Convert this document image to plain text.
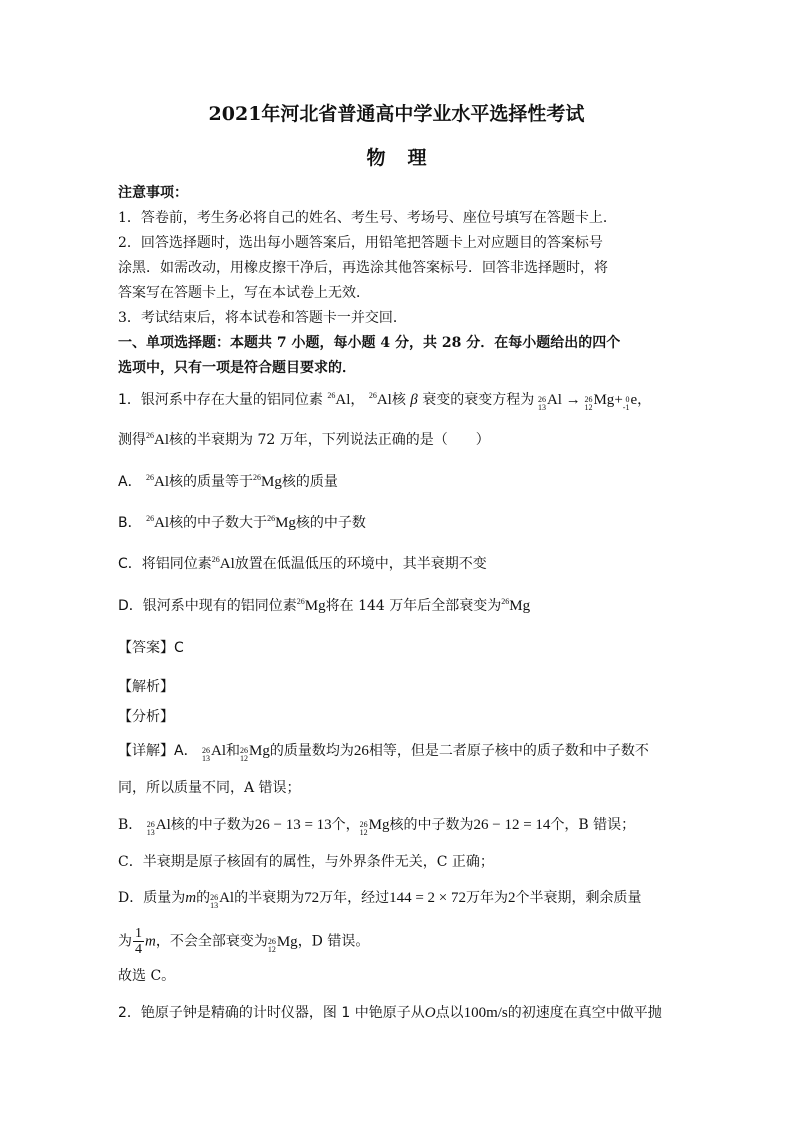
2021年河北省普通高中学业水平选择性考试
物理
注意事项：
1．答卷前，考生务必将自己的姓名、考生号、考场号、座位号填写在答题卡上．
2．回答选择题时，选出每小题答案后，用铅笔把答题卡上对应题目的答案标号
涂黑．如需改动，用橡皮擦干净后，再选涂其他答案标号．回答非选择题时，将
答案写在答题卡上，写在本试卷上无效．
3．考试结束后，将本试卷和答题卡一并交回．
一、单项选择题：本题共 7 小题，每小题 4 分，共 28 分．在每小题给出的四个
选项中，只有一项是符合题目要求的．
1．银河系中存在大量的铝同位素 $^{26}$Al， $^{26}$Al核 β 衰变的衰变方程为 26
13 Al → 26
12 Mg+ 0
-1 e，
测得$^{26}$Al核的半衰期为 72 万年，下列说法正确的是（　　）
A． $^{26}$Al核的质量等于$^{26}$Mg核的质量
B． $^{26}$Al核的中子数大于$^{26}$Mg核的中子数
C．将铝同位素$^{26}$Al放置在低温低压的环境中，其半衰期不变
D．银河系中现有的铝同位素$^{26}$Mg将在 144 万年后全部衰变为$^{26}$Mg
【答案】C
【解析】
【分析】
【详解】A． 26
13 Al和 26
12 Mg的质量数均为26相等，但是二者原子核中的质子数和中子数不
同，所以质量不同，A 错误；
B． 26
13 Al核的中子数为26 − 13 = 13个， 26
12 Mg核的中子数为26 − 12 = 14个，B 错误；
C．半衰期是原子核固有的属性，与外界条件无关，C 正确；
D．质量为m的 26
13 Al的半衰期为72万年，经过144 = 2 × 72万年为2个半衰期，剩余质量
为 $\frac{1}{4}$ m，不会全部衰变为 26
12 Mg，D 错误。
故选 C。
2．铯原子钟是精确的计时仪器，图 1 中铯原子从O点以100m/s的初速度在真空中做平抛
